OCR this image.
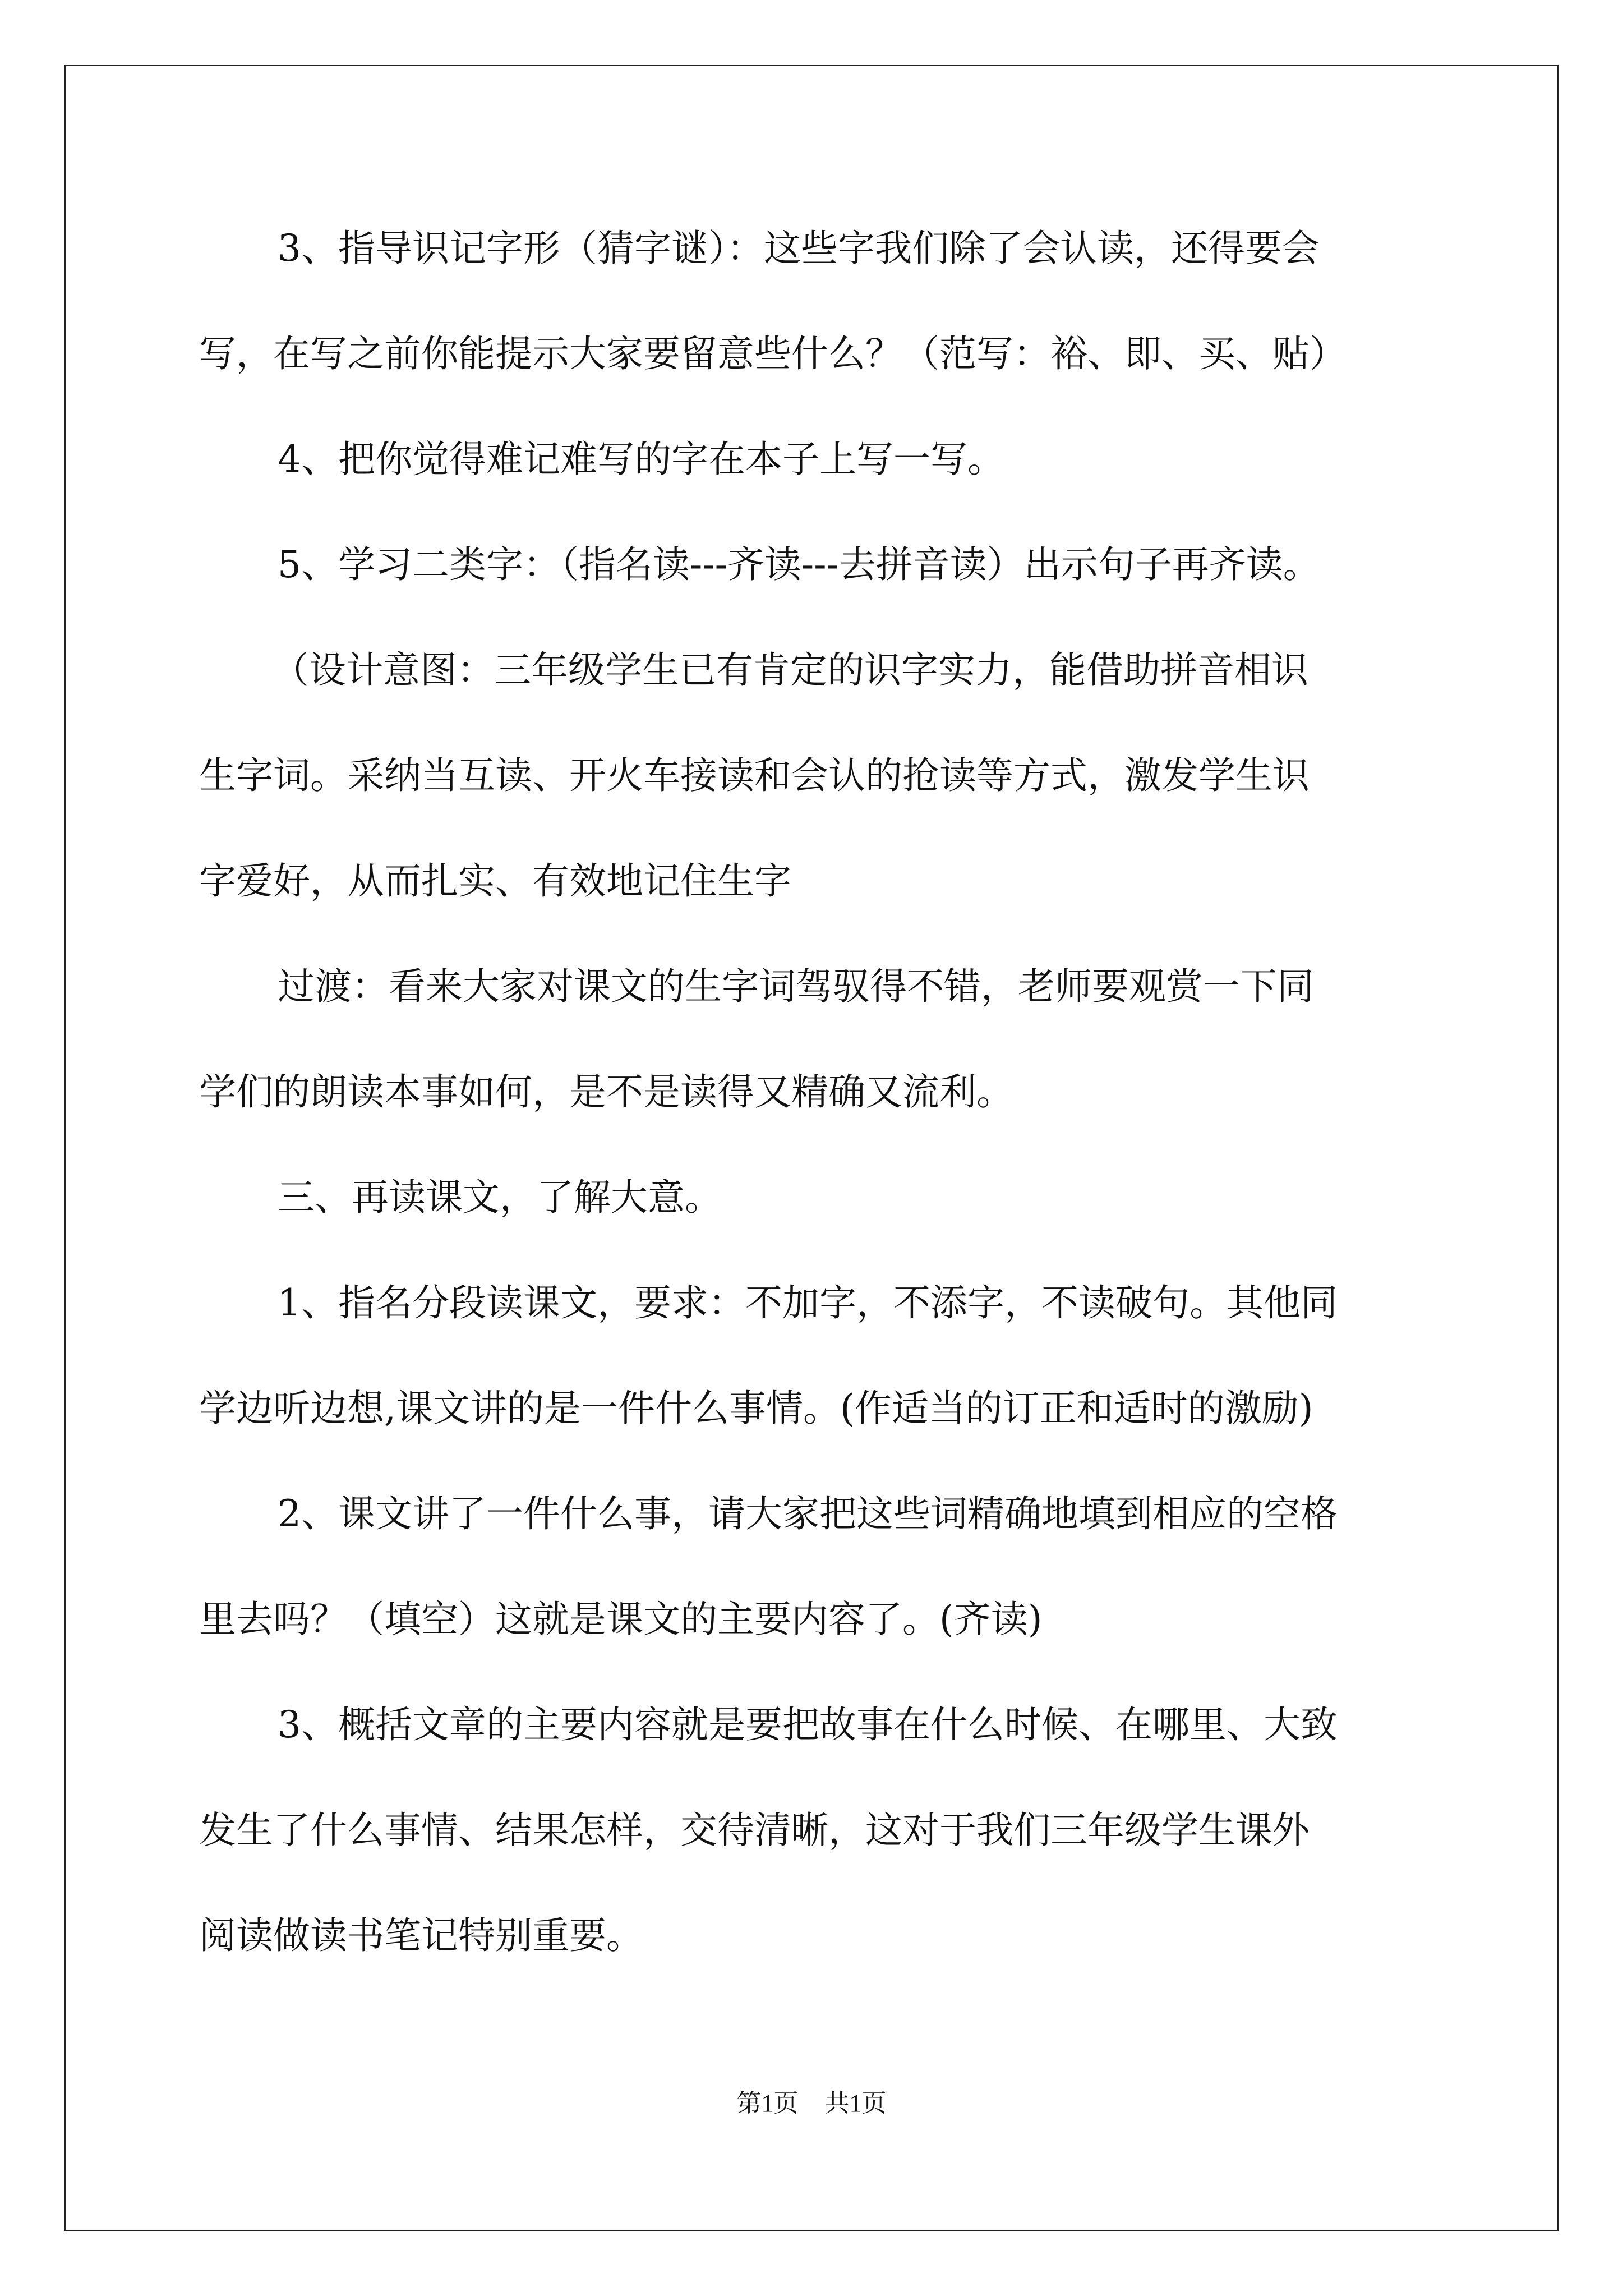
3、指导识记字形（猜字谜）：这些字我们除了会认读，还得要会
写，在写之前你能提示大家要留意些什么？（范写：裕、即、买、贴）
4、把你觉得难记难写的字在本子上写一写。
5、学习二类字：（指名读---齐读---去拼音读）出示句子再齐读。
（设计意图：三年级学生已有肯定的识字实力，能借助拼音相识
生字词。采纳当互读、开火车接读和会认的抢读等方式，激发学生识
字爱好，从而扎实、有效地记住生字
过渡：看来大家对课文的生字词驾驭得不错，老师要观赏一下同
学们的朗读本事如何，是不是读得又精确又流利。
三、再读课文，了解大意。
1、指名分段读课文，要求：不加字，不添字，不读破句。其他同
学边听边想,课文讲的是一件什么事情。(作适当的订正和适时的激励)
2、课文讲了一件什么事，请大家把这些词精确地填到相应的空格
里去吗？（填空）这就是课文的主要内容了。(齐读)
3、概括文章的主要内容就是要把故事在什么时候、在哪里、大致
发生了什么事情、结果怎样，交待清晰，这对于我们三年级学生课外
阅读做读书笔记特别重要。
第1页 共1页
